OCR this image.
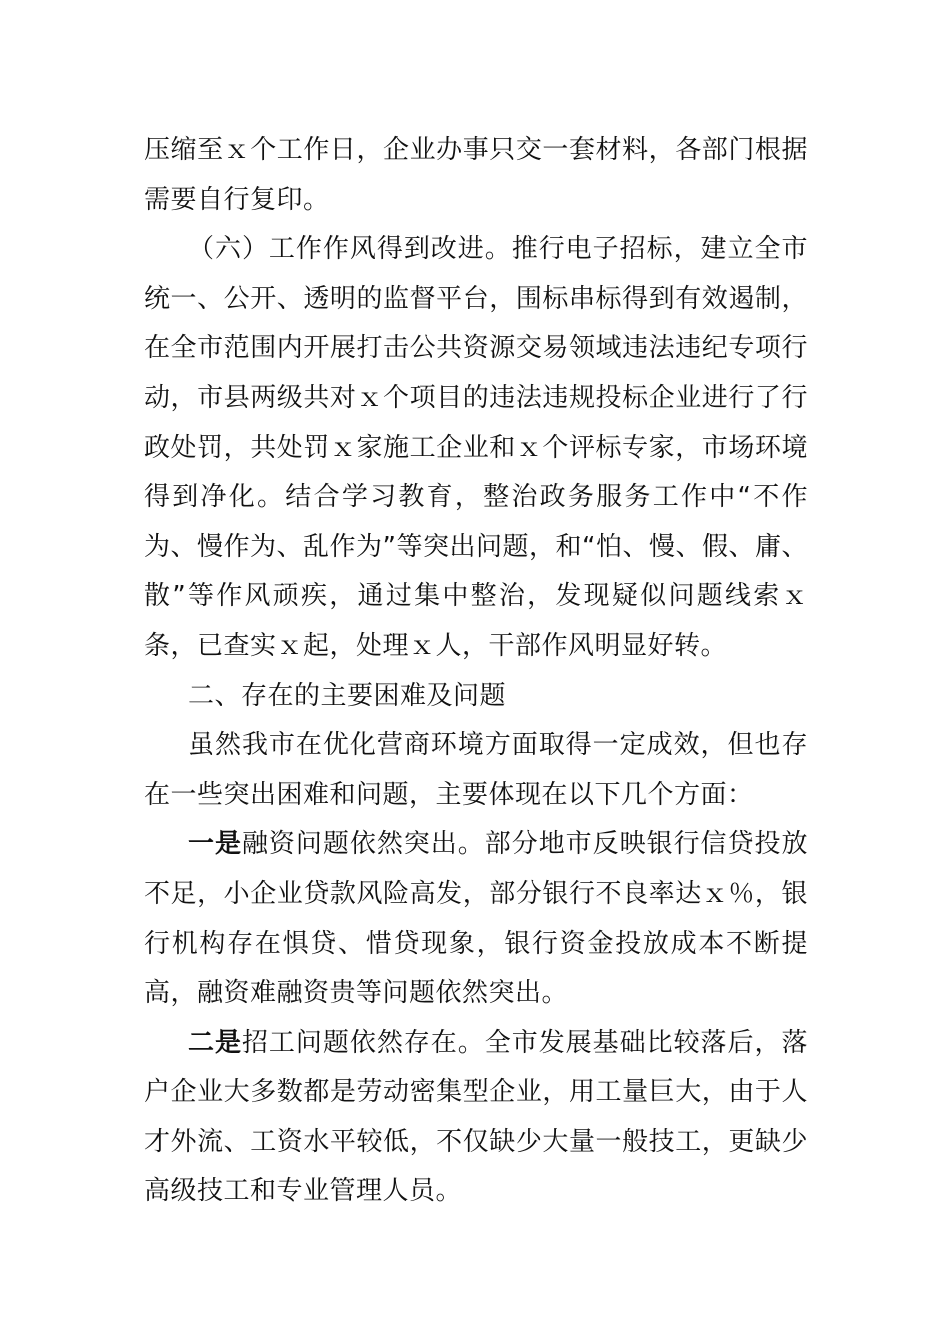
压缩至ｘ个工作日，企业办事只交一套材料，各部门根据需要自行复印。

（六）工作作风得到改进。推行电子招标，建立全市统一、公开、透明的监督平台，围标串标得到有效遏制，在全市范围内开展打击公共资源交易领域违法违纪专项行动，市县两级共对ｘ个项目的违法违规投标企业进行了行政处罚，共处罚ｘ家施工企业和ｘ个评标专家，市场环境得到净化。结合学习教育，整治政务服务工作中“不作为、慢作为、乱作为”等突出问题，和“怕、慢、假、庸、散”等作风顽疾，通过集中整治，发现疑似问题线索ｘ条，已查实ｘ起，处理ｘ人，干部作风明显好转。

二、存在的主要困难及问题

虽然我市在优化营商环境方面取得一定成效，但也存在一些突出困难和问题，主要体现在以下几个方面：

一是融资问题依然突出。部分地市反映银行信贷投放不足，小企业贷款风险高发，部分银行不良率达ｘ％，银行机构存在惧贷、惜贷现象，银行资金投放成本不断提高，融资难融资贵等问题依然突出。

二是招工问题依然存在。全市发展基础比较落后，落户企业大多数都是劳动密集型企业，用工量巨大，由于人才外流、工资水平较低，不仅缺少大量一般技工，更缺少高级技工和专业管理人员。
